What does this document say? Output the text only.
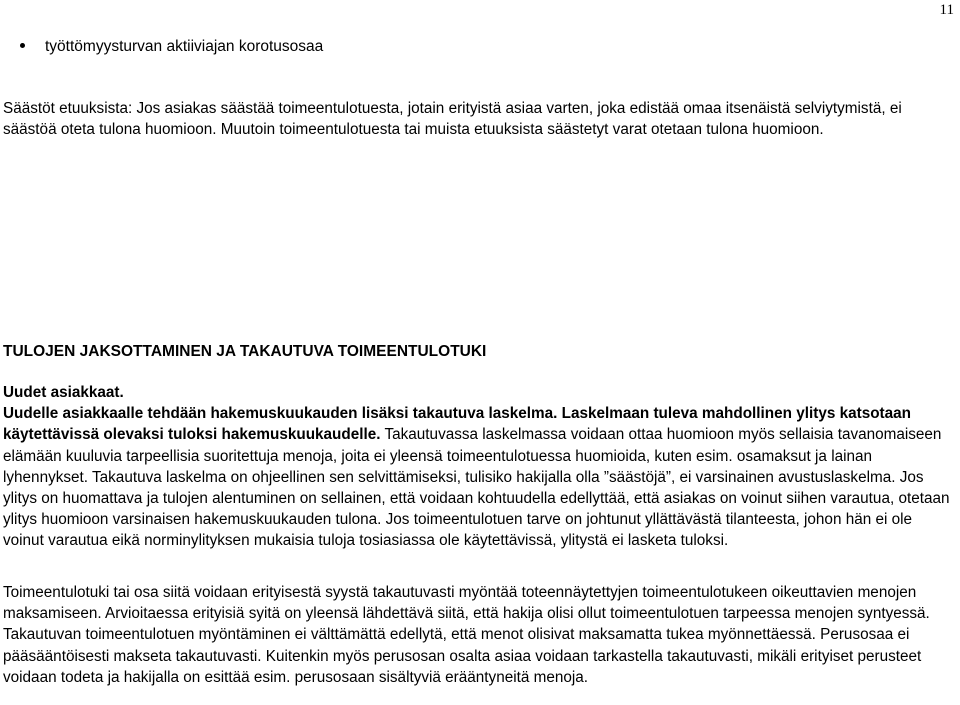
11
työttömyysturvan aktiiviajan korotusosaa

Säästöt etuuksista: Jos asiakas säästää toimeentulotuesta, jotain erityistä asiaa varten, joka edistää omaa itsenäistä selviytymistä, ei säästöä oteta tulona huomioon. Muutoin toimeentulotuesta tai muista etuuksista säästetyt varat otetaan tulona huomioon.

TULOJEN JAKSOTTAMINEN JA TAKAUTUVA TOIMEENTULOTUKI

Uudet asiakkaat.
Uudelle asiakkaalle tehdään hakemuskuukauden lisäksi takautuva laskelma. Laskelmaan tuleva mahdollinen ylitys katsotaan käytettävissä olevaksi tuloksi hakemuskuukaudelle. Takautuvassa laskelmassa voidaan ottaa huomioon myös sellaisia tavanomaiseen elämään kuuluvia tarpeellisia suoritettuja menoja, joita ei yleensä toimeentulotuessa huomioida, kuten esim. osamaksut ja lainan lyhennykset. Takautuva laskelma on ohjeellinen sen selvittämiseksi, tulisiko hakijalla olla ”säästöjä”, ei varsinainen avustuslaskelma. Jos ylitys on huomattava ja tulojen alentuminen on sellainen, että voidaan kohtuudella edellyttää, että asiakas on voinut siihen varautua, otetaan ylitys huomioon varsinaisen hakemuskuukauden tulona. Jos toimeentulotuen tarve on johtunut yllättävästä tilanteesta, johon hän ei ole voinut varautua eikä norminylityksen mukaisia tuloja tosiasiassa ole käytettävissä, ylitystä ei lasketa tuloksi.

Toimeentulotuki tai osa siitä voidaan erityisestä syystä takautuvasti myöntää toteennäytettyjen toimeentulotukeen oikeuttavien menojen maksamiseen. Arvioitaessa erityisiä syitä on yleensä lähdettävä siitä, että hakija olisi ollut toimeentulotuen tarpeessa menojen syntyessä. Takautuvan toimeentulotuen myöntäminen ei välttämättä edellytä, että menot olisivat maksamatta tukea myönnettäessä. Perusosaa ei pääsääntöisesti makseta takautuvasti. Kuitenkin myös perusosan osalta asiaa voidaan tarkastella takautuvasti, mikäli erityiset perusteet voidaan todeta ja hakijalla on esittää esim. perusosaan sisältyviä erääntyneitä menoja.
